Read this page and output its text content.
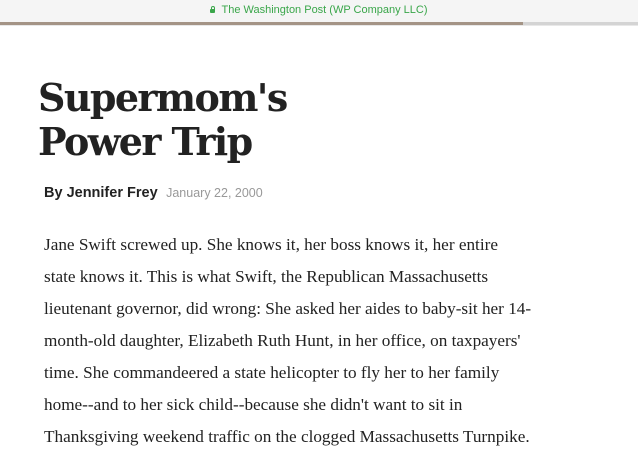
The Washington Post (WP Company LLC)
Supermom's
Power Trip
By Jennifer Frey January 22, 2000

Jane Swift screwed up. She knows it, her boss knows it, her entire
state knows it. This is what Swift, the Republican Massachusetts
lieutenant governor, did wrong: She asked her aides to baby-sit her 14-
month-old daughter, Elizabeth Ruth Hunt, in her office, on taxpayers'
time. She commandeered a state helicopter to fly her to her family
home--and to her sick child--because she didn't want to sit in
Thanksgiving weekend traffic on the clogged Massachusetts Turnpike.
